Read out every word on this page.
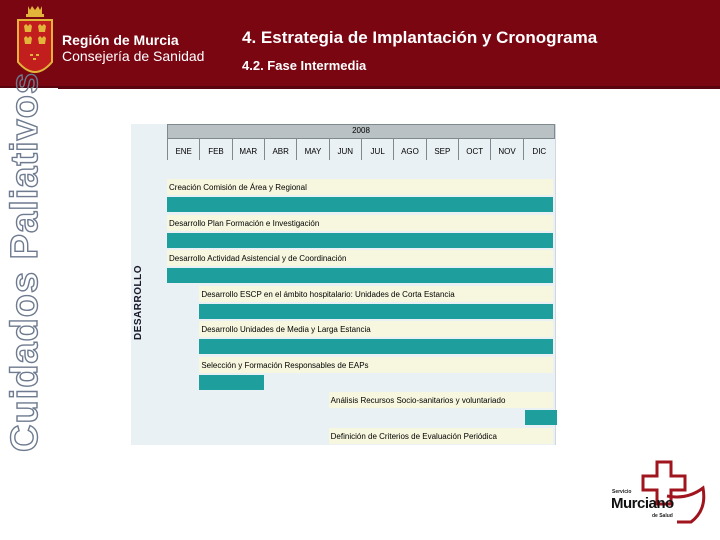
Región de Murcia
Consejería de Sanidad
4. Estrategia de Implantación y Cronograma
4.2. Fase Intermedia
Cuidados Paliativos	2008
ENE	FEB	MAR	ABR	MAY	JUN	JUL	AGO	SEP	OCT	NOV	DIC
DESARROLLO
Creación Comisión de Área y Regional
Desarrollo Plan Formación e Investigación
Desarrollo Actividad Asistencial y de Coordinación
Desarrollo ESCP en el ámbito hospitalario: Unidades de Corta Estancia
Desarrollo Unidades de Media y Larga Estancia
Selección y Formación Responsables de EAPs
Análisis Recursos Socio-sanitarios y voluntariado
Definición de Criterios de Evaluación Periódica
Servicio
Murciano
de Salud
